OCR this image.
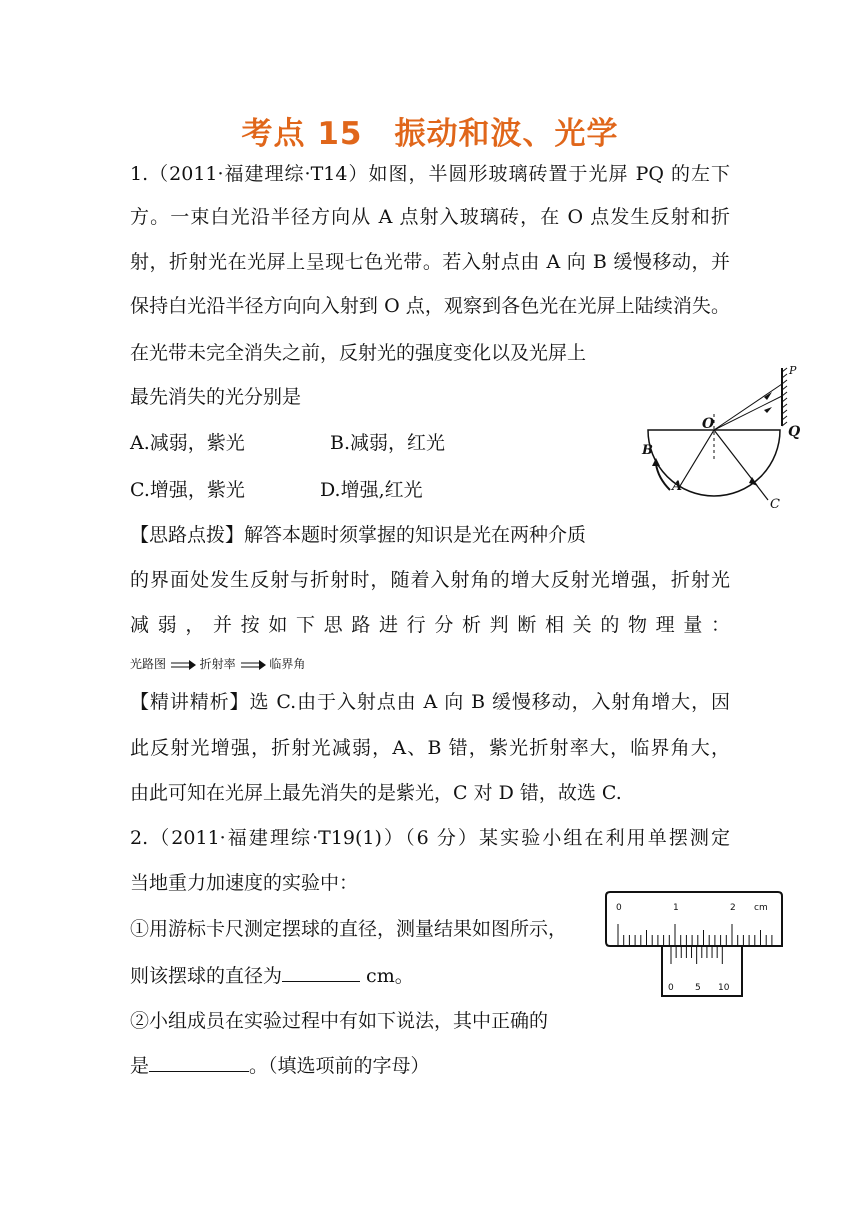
考点 15　振动和波、光学
1.（2011·福建理综·T14）如图，半圆形玻璃砖置于光屏 PQ 的左下
方。一束白光沿半径方向从 A 点射入玻璃砖，在 O 点发生反射和折
射，折射光在光屏上呈现七色光带。若入射点由 A 向 B 缓慢移动，并
保持白光沿半径方向向入射到 O 点，观察到各色光在光屏上陆续消失。
在光带未完全消失之前，反射光的强度变化以及光屏上
最先消失的光分别是
A.减弱，紫光	B.减弱，红光
C.增强，紫光	D.增强,红光
【思路点拨】解答本题时须掌握的知识是光在两种介质
的界面处发生反射与折射时，随着入射角的增大反射光增强，折射光
减 弱 ， 并 按 如 下 思 路 进 行 分 析 判 断 相 关 的 物 理 量 ：
光路图	折射率	临界角
【精讲精析】选 C.由于入射点由 A 向 B 缓慢移动，入射角增大，因
此反射光增强，折射光减弱，A、B 错，紫光折射率大，临界角大，
由此可知在光屏上最先消失的是紫光，C 对 D 错，故选 C.
P
Q
O
B
A
C
2.（2011·福建理综·T19(1)）（6 分）某实验小组在利用单摆测定
当地重力加速度的实验中：
①用游标卡尺测定摆球的直径，测量结果如图所示，
则该摆球的直径为	cm。
②小组成员在实验过程中有如下说法，其中正确的
是	。（填选项前的字母）
0	1	2 cm
0 5 10
